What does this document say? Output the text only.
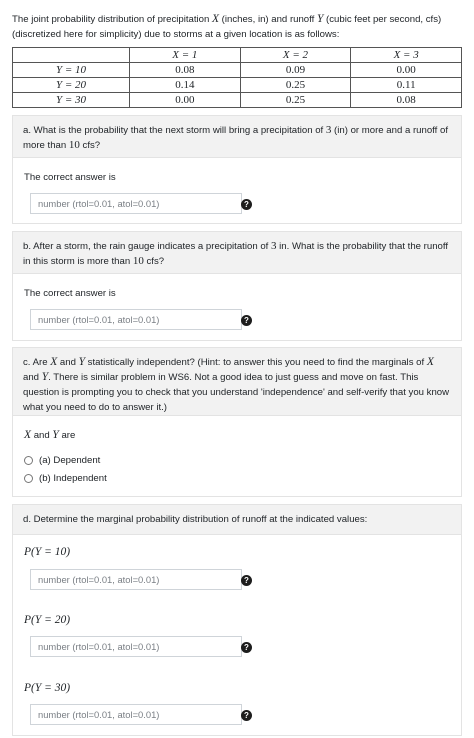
The joint probability distribution of precipitation X (inches, in) and runoff Y (cubic feet per second, cfs) (discretized here for simplicity) due to storms at a given location is as follows:
	X = 1	X = 2	X = 3
Y = 10	0.08	0.09	0.00
Y = 20	0.14	0.25	0.11
Y = 30	0.00	0.25	0.08
a. What is the probability that the next storm will bring a precipitation of 3 (in) or more and a runoff of more than 10 cfs?
The correct answer is
number (rtol=0.01, atol=0.01)	?
b. After a storm, the rain gauge indicates a precipitation of 3 in. What is the probability that the runoff in this storm is more than 10 cfs?
The correct answer is
number (rtol=0.01, atol=0.01)	?
c. Are X and Y statistically independent? (Hint: to answer this you need to find the marginals of X and Y. There is similar problem in WS6. Not a good idea to just guess and move on fast. This question is prompting you to check that you understand 'independence' and self-verify that you know what you need to do to answer it.)
X and Y are
(a) Dependent
(b) Independent
d. Determine the marginal probability distribution of runoff at the indicated values:
P(Y = 10)
number (rtol=0.01, atol=0.01)	?
P(Y = 20)
number (rtol=0.01, atol=0.01)	?
P(Y = 30)
number (rtol=0.01, atol=0.01)	?
